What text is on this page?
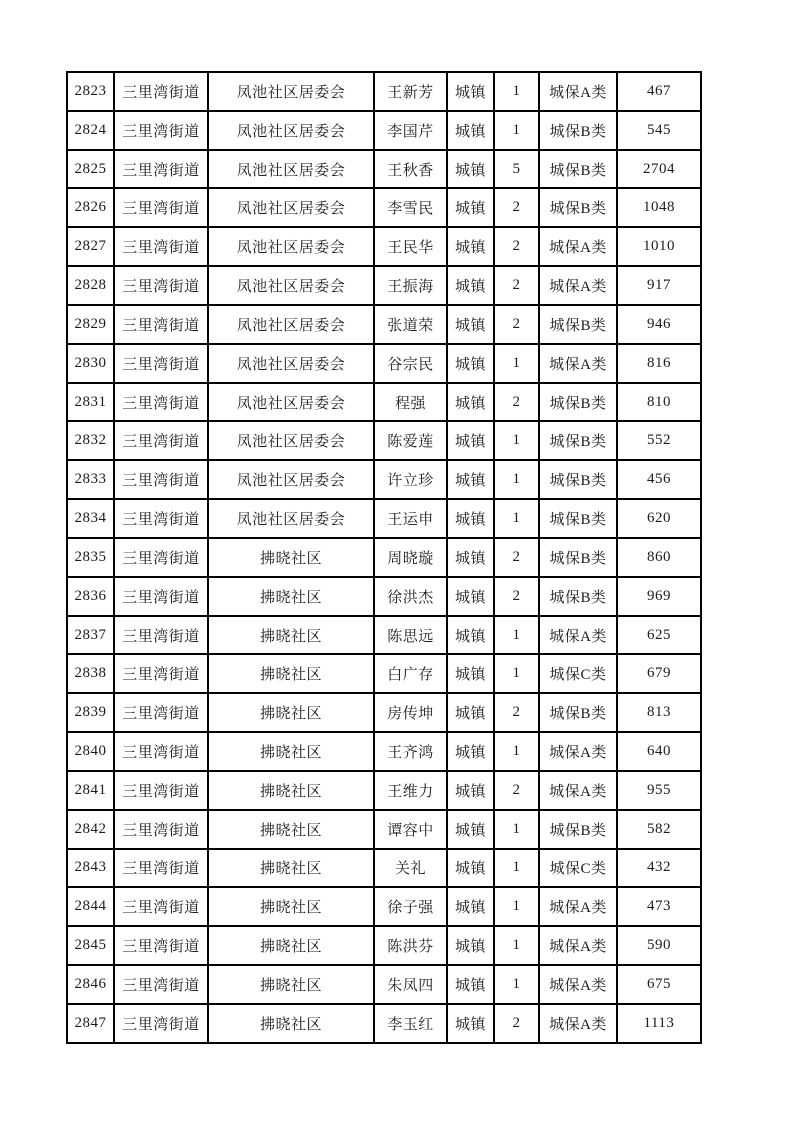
2823	三里湾街道	凤池社区居委会	王新芳	城镇	1	城保A类	467
2824	三里湾街道	凤池社区居委会	李国芹	城镇	1	城保B类	545
2825	三里湾街道	凤池社区居委会	王秋香	城镇	5	城保B类	2704
2826	三里湾街道	凤池社区居委会	李雪民	城镇	2	城保B类	1048
2827	三里湾街道	凤池社区居委会	王民华	城镇	2	城保A类	1010
2828	三里湾街道	凤池社区居委会	王振海	城镇	2	城保A类	917
2829	三里湾街道	凤池社区居委会	张道荣	城镇	2	城保B类	946
2830	三里湾街道	凤池社区居委会	谷宗民	城镇	1	城保A类	816
2831	三里湾街道	凤池社区居委会	程强	城镇	2	城保B类	810
2832	三里湾街道	凤池社区居委会	陈爱莲	城镇	1	城保B类	552
2833	三里湾街道	凤池社区居委会	许立珍	城镇	1	城保B类	456
2834	三里湾街道	凤池社区居委会	王运申	城镇	1	城保B类	620
2835	三里湾街道	拂晓社区	周晓璇	城镇	2	城保B类	860
2836	三里湾街道	拂晓社区	徐洪杰	城镇	2	城保B类	969
2837	三里湾街道	拂晓社区	陈思远	城镇	1	城保A类	625
2838	三里湾街道	拂晓社区	白广存	城镇	1	城保C类	679
2839	三里湾街道	拂晓社区	房传坤	城镇	2	城保B类	813
2840	三里湾街道	拂晓社区	王齐鸿	城镇	1	城保A类	640
2841	三里湾街道	拂晓社区	王维力	城镇	2	城保A类	955
2842	三里湾街道	拂晓社区	谭容中	城镇	1	城保B类	582
2843	三里湾街道	拂晓社区	关礼	城镇	1	城保C类	432
2844	三里湾街道	拂晓社区	徐子强	城镇	1	城保A类	473
2845	三里湾街道	拂晓社区	陈洪芬	城镇	1	城保A类	590
2846	三里湾街道	拂晓社区	朱凤四	城镇	1	城保A类	675
2847	三里湾街道	拂晓社区	李玉红	城镇	2	城保A类	1113
